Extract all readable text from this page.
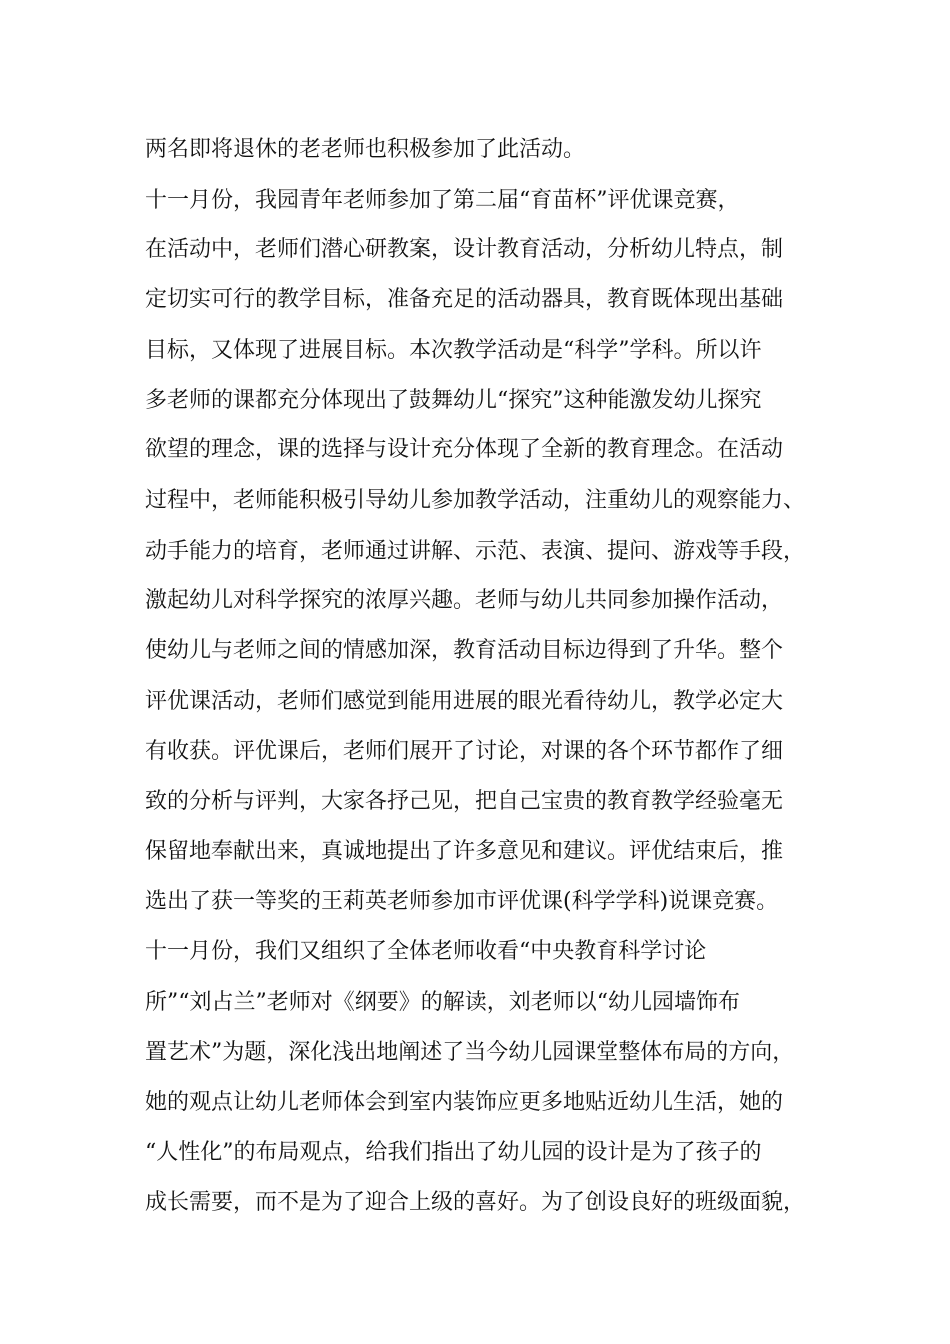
两名即将退休的老老师也积极参加了此活动。
十一月份，我园青年老师参加了第二届“育苗杯”评优课竞赛，
在活动中，老师们潜心研教案，设计教育活动，分析幼儿特点，制
定切实可行的教学目标，准备充足的活动器具，教育既体现出基础
目标，又体现了进展目标。本次教学活动是“科学”学科。所以许
多老师的课都充分体现出了鼓舞幼儿“探究”这种能激发幼儿探究
欲望的理念，课的选择与设计充分体现了全新的教育理念。在活动
过程中，老师能积极引导幼儿参加教学活动，注重幼儿的观察能力、
动手能力的培育，老师通过讲解、示范、表演、提问、游戏等手段，
激起幼儿对科学探究的浓厚兴趣。老师与幼儿共同参加操作活动，
使幼儿与老师之间的情感加深，教育活动目标边得到了升华。整个
评优课活动，老师们感觉到能用进展的眼光看待幼儿，教学必定大
有收获。评优课后，老师们展开了讨论，对课的各个环节都作了细
致的分析与评判，大家各抒己见，把自己宝贵的教育教学经验毫无
保留地奉献出来，真诚地提出了许多意见和建议。评优结束后，推
选出了获一等奖的王莉英老师参加市评优课(科学学科)说课竞赛。
十一月份，我们又组织了全体老师收看“中央教育科学讨论
所”“刘占兰”老师对《纲要》的解读，刘老师以“幼儿园墙饰布
置艺术”为题，深化浅出地阐述了当今幼儿园课堂整体布局的方向，
她的观点让幼儿老师体会到室内装饰应更多地贴近幼儿生活，她的
“人性化”的布局观点，给我们指出了幼儿园的设计是为了孩子的
成长需要，而不是为了迎合上级的喜好。为了创设良好的班级面貌，
